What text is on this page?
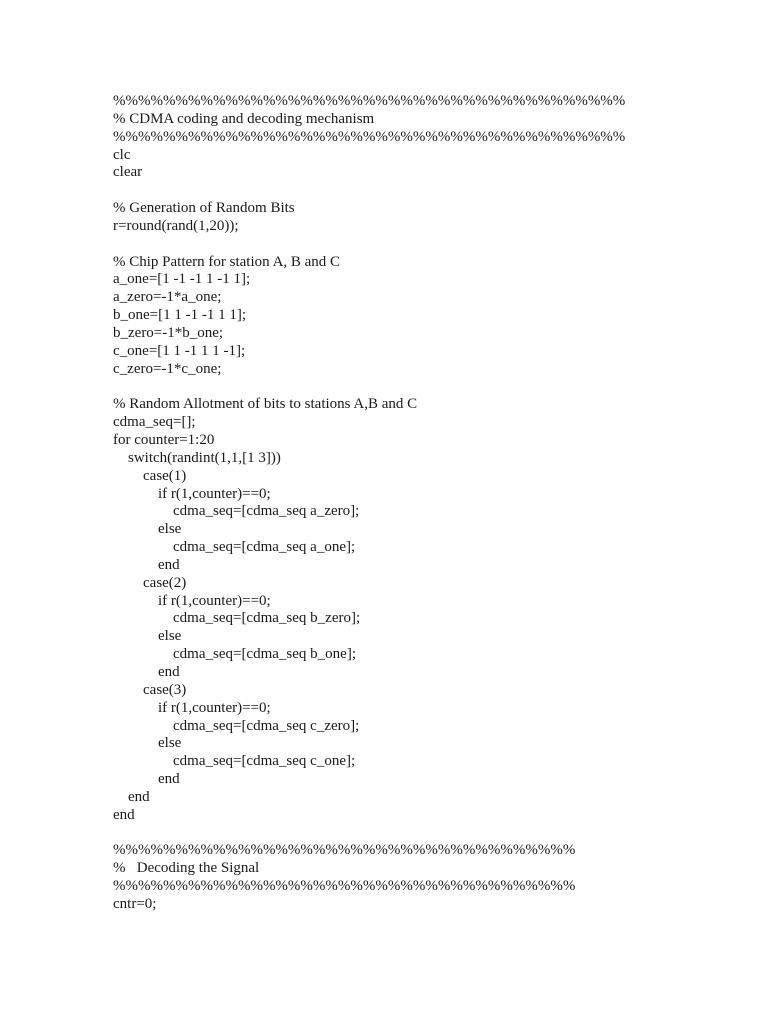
%%%%%%%%%%%%%%%%%%%%%%%%%%%%%%%%%%%%%%%%%
% CDMA coding and decoding mechanism
%%%%%%%%%%%%%%%%%%%%%%%%%%%%%%%%%%%%%%%%%
clc
clear
% Generation of Random Bits
r=round(rand(1,20));
% Chip Pattern for station A, B and C
a_one=[1 -1 -1 1 -1 1];
a_zero=-1*a_one;
b_one=[1 1 -1 -1 1 1];
b_zero=-1*b_one;
c_one=[1 1 -1 1 1 -1];
c_zero=-1*c_one;
% Random Allotment of bits to stations A,B and C
cdma_seq=[];
for counter=1:20
switch(randint(1,1,[1 3]))
case(1)
if r(1,counter)==0;
cdma_seq=[cdma_seq a_zero];
else
cdma_seq=[cdma_seq a_one];
end
case(2)
if r(1,counter)==0;
cdma_seq=[cdma_seq b_zero];
else
cdma_seq=[cdma_seq b_one];
end
case(3)
if r(1,counter)==0;
cdma_seq=[cdma_seq c_zero];
else
cdma_seq=[cdma_seq c_one];
end
end
end
%%%%%%%%%%%%%%%%%%%%%%%%%%%%%%%%%%%%%
%   Decoding the Signal
%%%%%%%%%%%%%%%%%%%%%%%%%%%%%%%%%%%%%
cntr=0;
